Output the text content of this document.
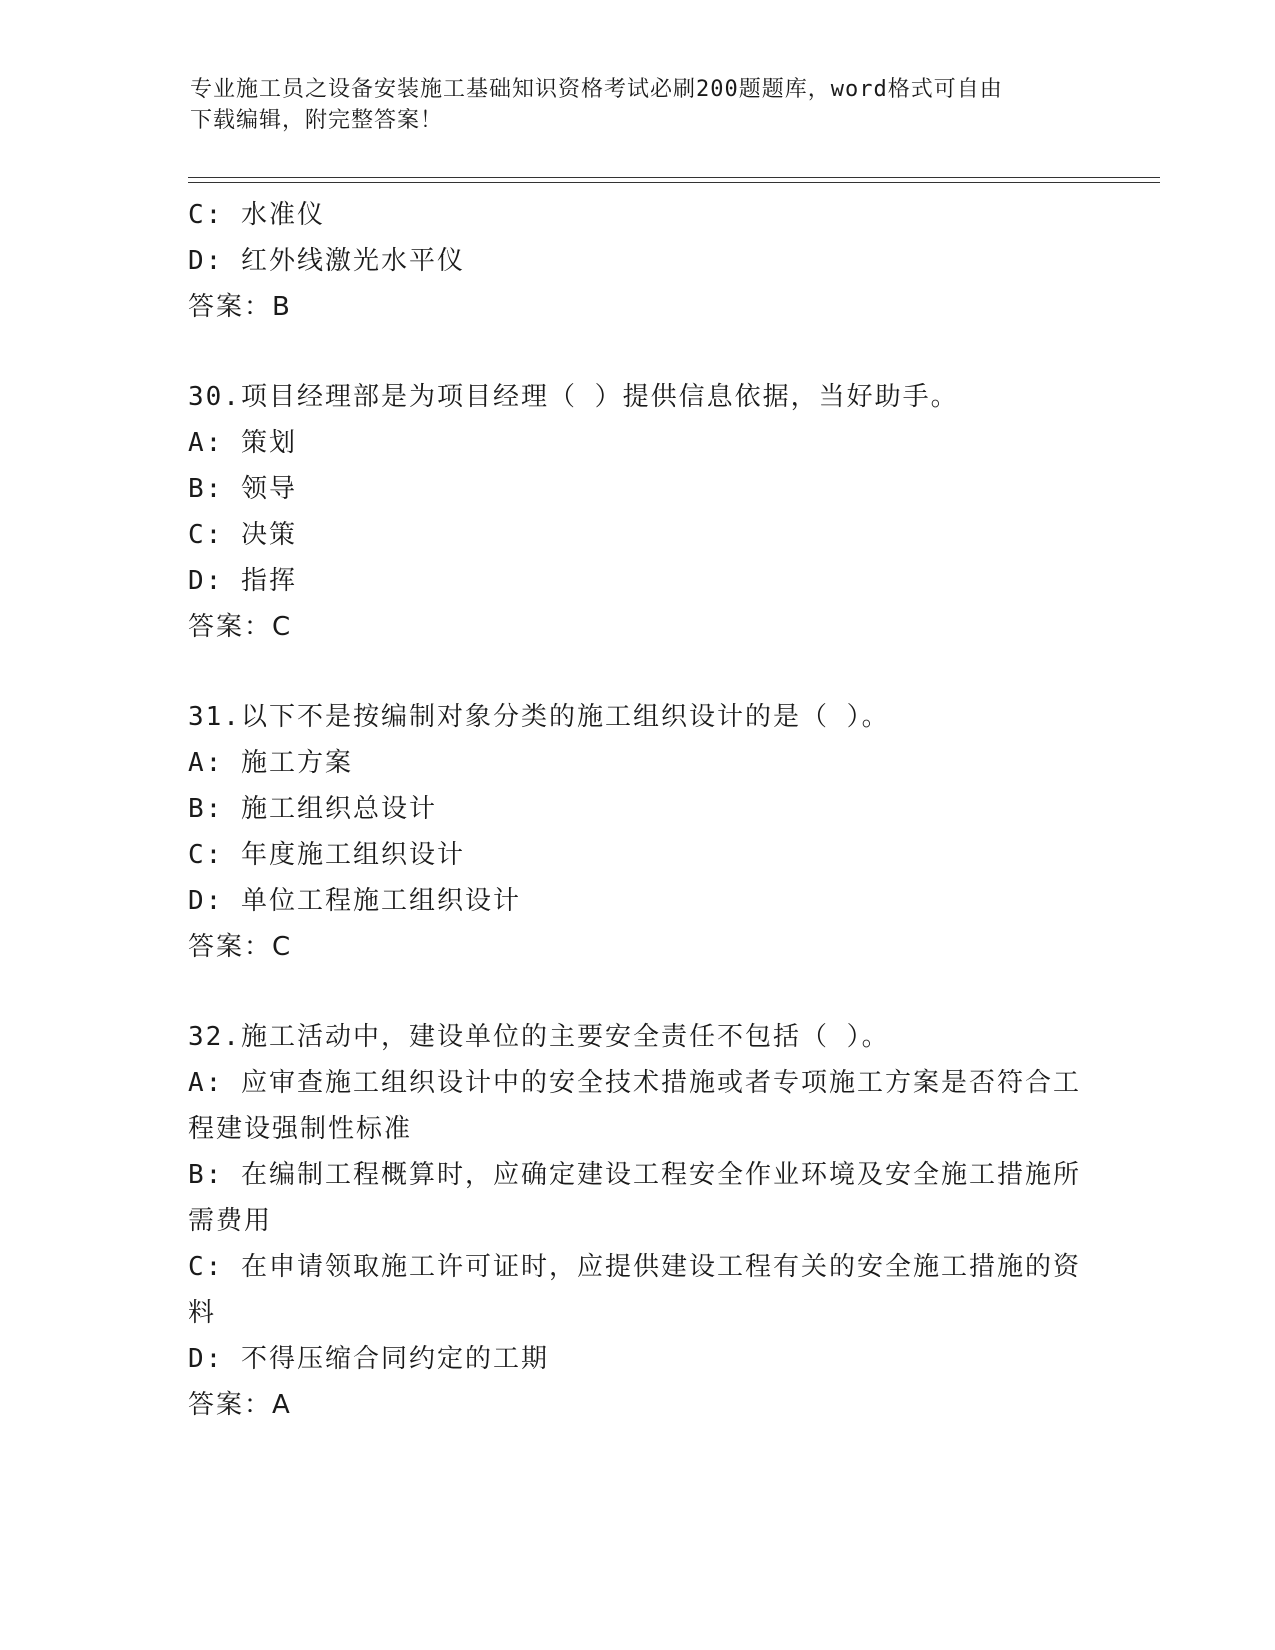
专业施工员之设备安装施工基础知识资格考试必刷200题题库，word格式可自由
下载编辑，附完整答案！
C: 水准仪
D: 红外线激光水平仪
答案：B
30.项目经理部是为项目经理（ ）提供信息依据，当好助手。
A: 策划
B: 领导
C: 决策
D: 指挥
答案：C
31.以下不是按编制对象分类的施工组织设计的是（ ）。
A: 施工方案
B: 施工组织总设计
C: 年度施工组织设计
D: 单位工程施工组织设计
答案：C
32.施工活动中，建设单位的主要安全责任不包括（ ）。
A: 应审查施工组织设计中的安全技术措施或者专项施工方案是否符合工程建设强制性标准
B: 在编制工程概算时，应确定建设工程安全作业环境及安全施工措施所需费用
C: 在申请领取施工许可证时，应提供建设工程有关的安全施工措施的资料
D: 不得压缩合同约定的工期
答案：A
